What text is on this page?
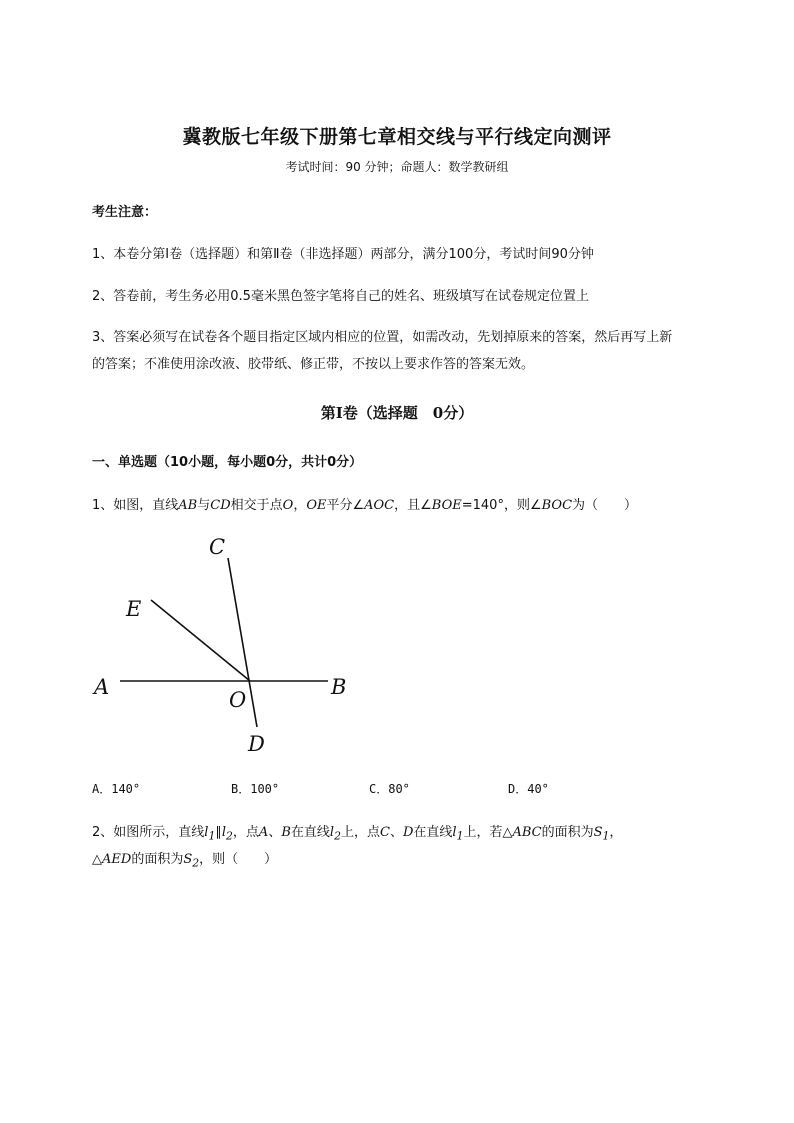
冀教版七年级下册第七章相交线与平行线定向测评
考试时间：90 分钟；命题人：数学教研组
考生注意：
1、本卷分第Ⅰ卷（选择题）和第Ⅱ卷（非选择题）两部分，满分100分，考试时间90分钟
2、答卷前，考生务必用0.5毫米黑色签字笔将自己的姓名、班级填写在试卷规定位置上
3、答案必须写在试卷各个题目指定区域内相应的位置，如需改动，先划掉原来的答案，然后再写上新
的答案；不准使用涂改液、胶带纸、修正带，不按以上要求作答的答案无效。
第Ⅰ卷（选择题　0分）
一、单选题（10小题，每小题0分，共计0分）
1、如图，直线AB与CD相交于点O，OE平分∠AOC，且∠BOE=140°，则∠BOC为（　　）
C
E
A
O
B
D
A．140°	B．100°	C．80°	D．40°
2、如图所示，直线$l_1\parallel l_2$，点A、B在直线$l_2$上，点C、D在直线$l_1$上，若△ABC的面积为$S_1$，
△AED的面积为$S_2$，则（　　）
